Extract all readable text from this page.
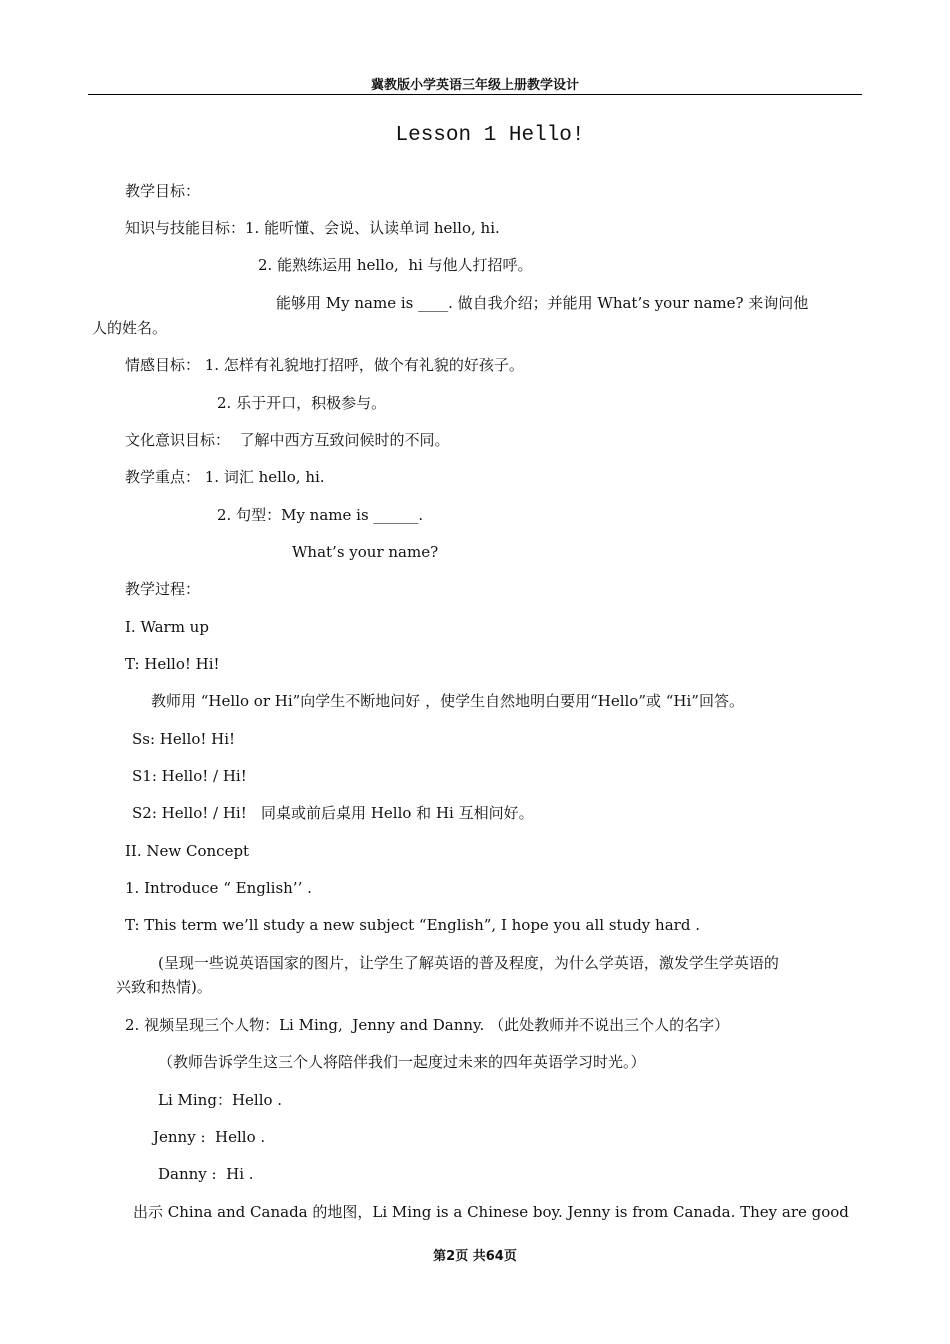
冀教版小学英语三年级上册教学设计
Lesson 1 Hello!
教学目标：
知识与技能目标：1. 能听懂、会说、认读单词 hello, hi.
2. 能熟练运用 hello,  hi 与他人打招呼。
能够用 My name is ____. 做自我介绍；并能用 What’s your name? 来询问他
人的姓名。
情感目标： 1. 怎样有礼貌地打招呼，做个有礼貌的好孩子。
2. 乐于开口，积极参与。
文化意识目标：  了解中西方互致问候时的不同。
教学重点： 1. 词汇 hello, hi.
2. 句型：My name is ______.
What’s your name?
教学过程：
I. Warm up
T: Hello! Hi!
教师用 “Hello or Hi”向学生不断地问好 ，使学生自然地明白要用“Hello”或 “Hi”回答。
Ss: Hello! Hi!
S1: Hello! / Hi!
S2: Hello! / Hi!   同桌或前后桌用 Hello 和 Hi 互相问好。
II. New Concept
1. Introduce “ English’’ .
T: This term we’ll study a new subject “English”, I hope you all study hard .
(呈现一些说英语国家的图片，让学生了解英语的普及程度，为什么学英语，激发学生学英语的
兴致和热情)。
2. 视频呈现三个人物：Li Ming,  Jenny and Danny. （此处教师并不说出三个人的名字）
（教师告诉学生这三个人将陪伴我们一起度过未来的四年英语学习时光。）
Li Ming：Hello .
Jenny :  Hello .
Danny :  Hi .
出示 China and Canada 的地图，Li Ming is a Chinese boy. Jenny is from Canada. They are good
第2页 共64页
